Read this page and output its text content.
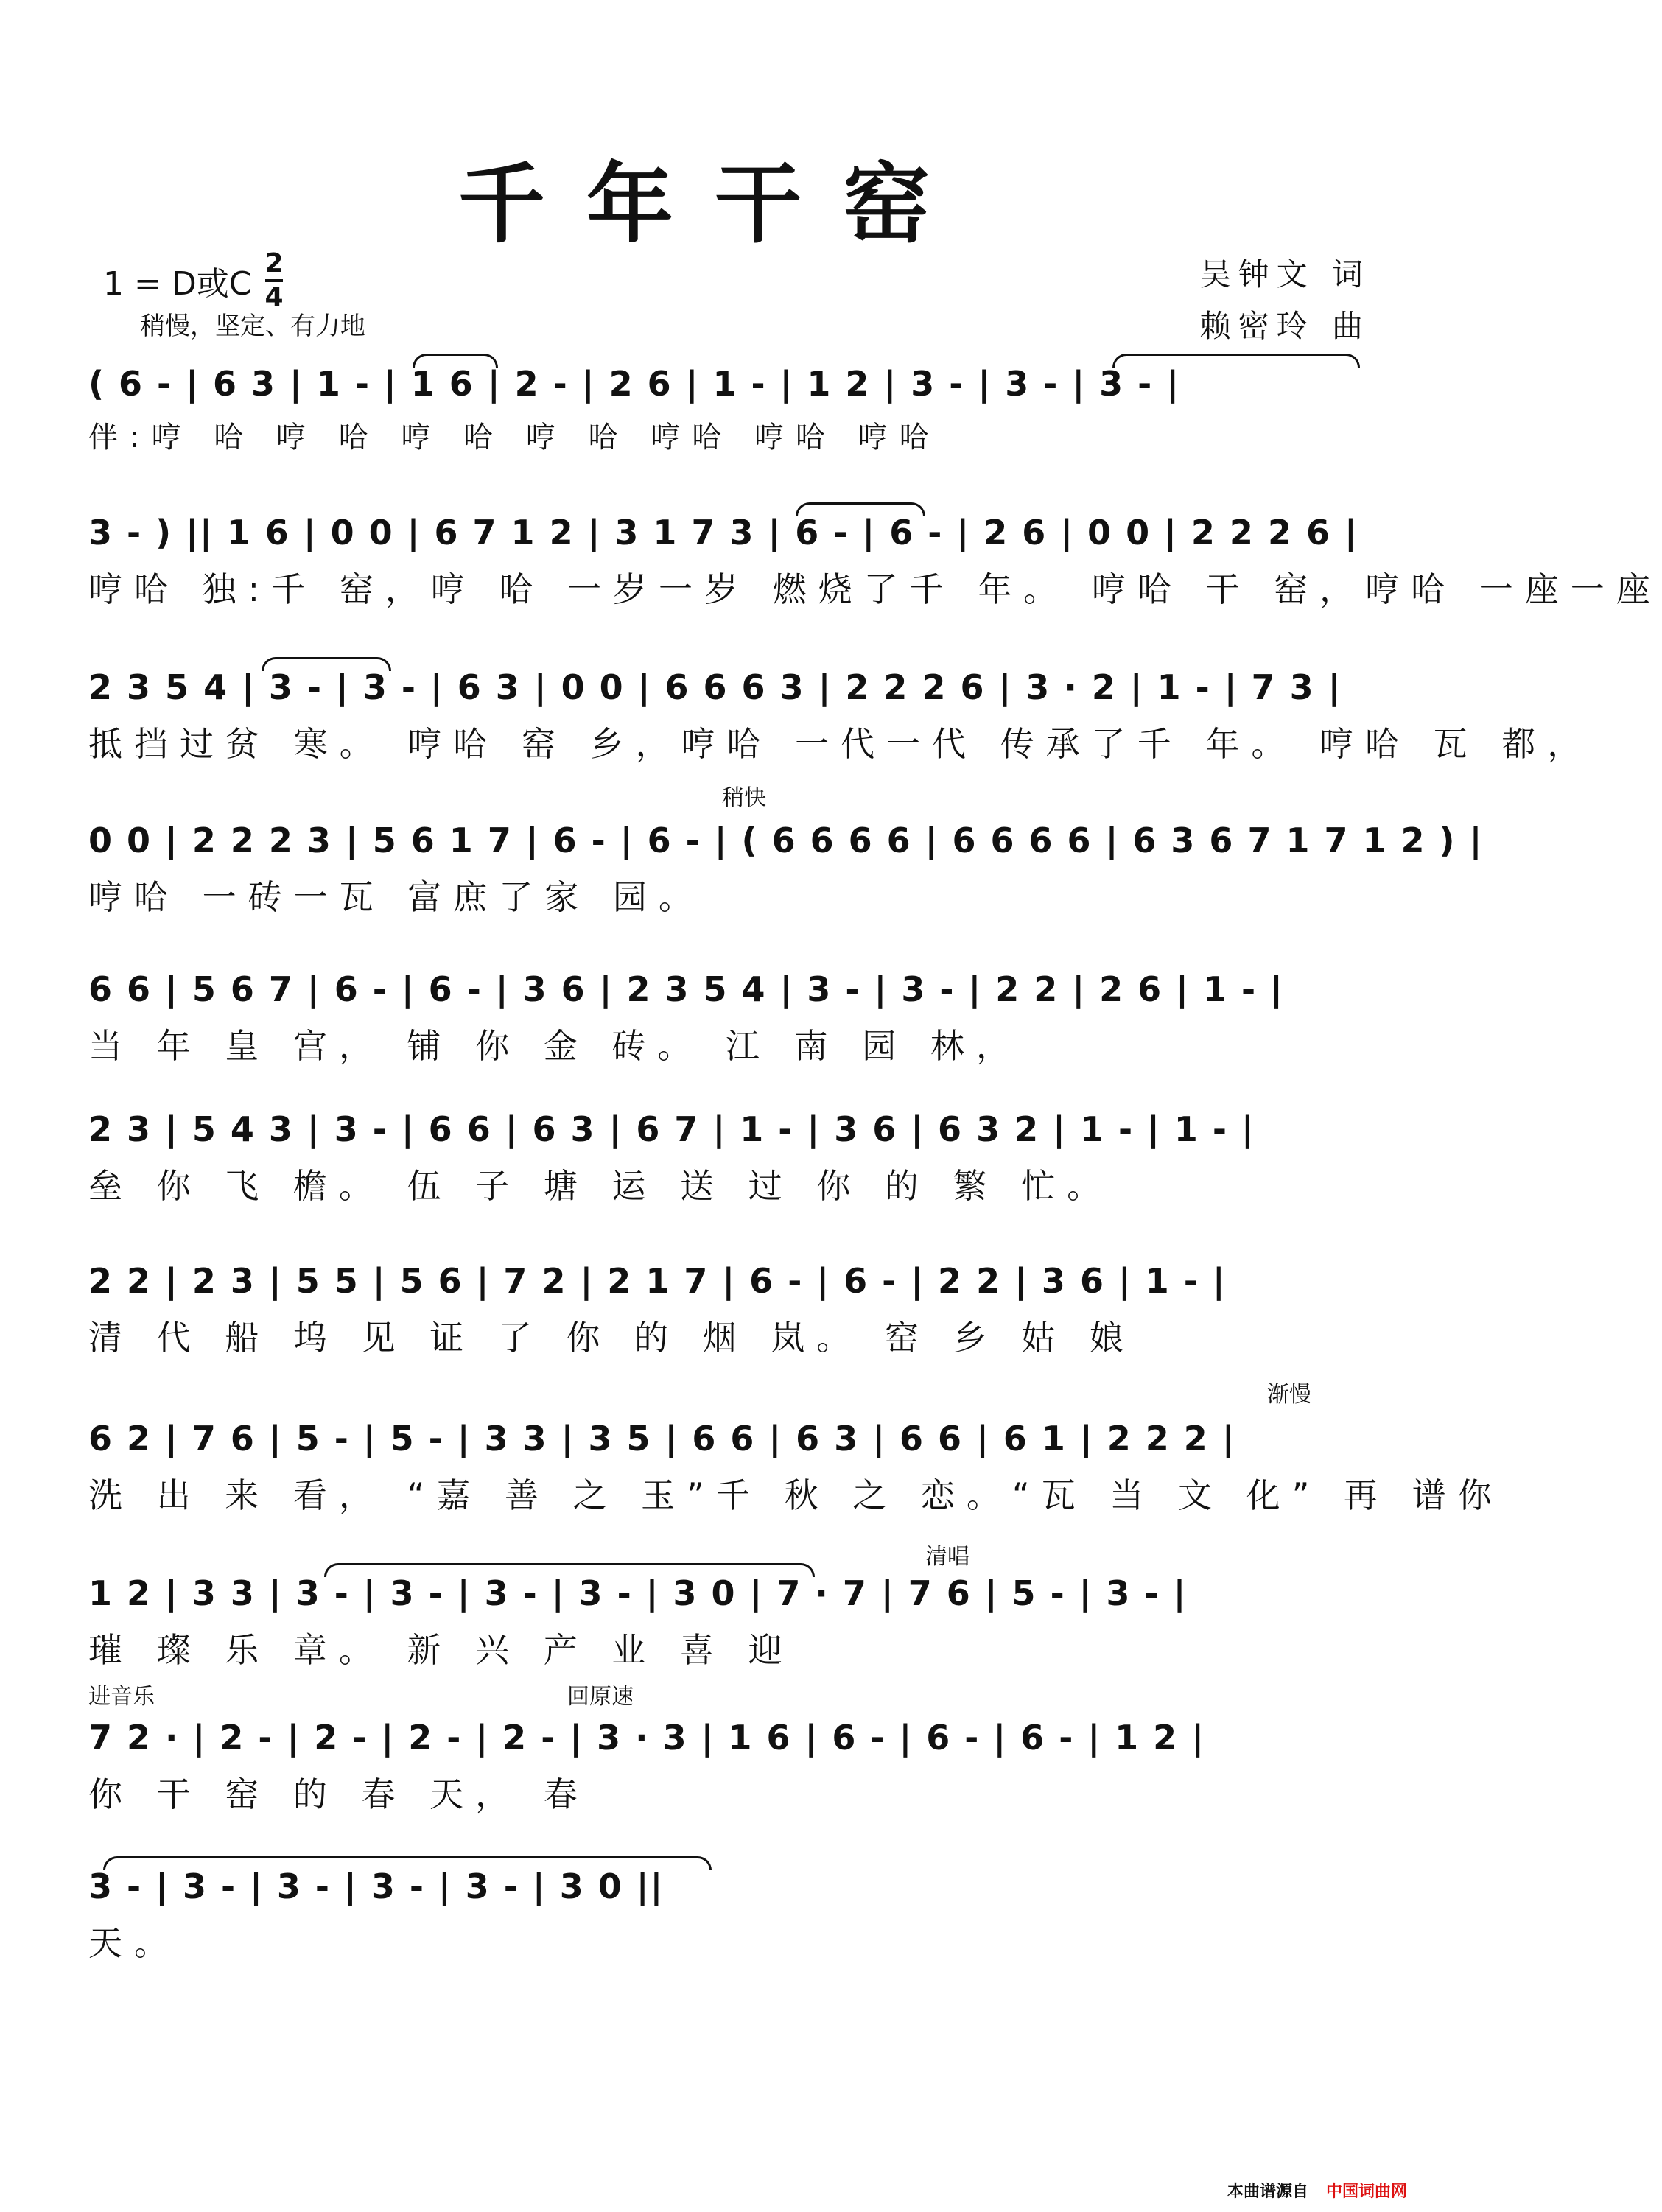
千年干窑
1 = D或C $\frac{2}{4}$
稍慢，坚定、有力地
吴钟文 词
赖密玲 曲
稍快
渐慢
清唱
进音乐	回原速
( 6 - | 6 3 | 1 - | 1 6 | 2 - | 2 6 | 1 - | 1 2 | 3 - | 3 - | 3 - |
伴:哼 哈 哼 哈 哼 哈 哼 哈 哼哈 哼哈 哼哈
3 - ) || 1 6 | 0 0 | 6 7 1 2 | 3 1 7 3 | 6 - | 6 - | 2 6 | 0 0 | 2 2 2 6 |
哼哈 独:千 窑，哼 哈 一岁一岁 燃烧了千 年。 哼哈 干 窑，哼哈 一座一座
2 3 5 4 | 3 - | 3 - | 6 3 | 0 0 | 6 6 6 3 | 2 2 2 6 | 3 · 2 | 1 - | 7 3 |
抵挡过贫 寒。 哼哈 窑 乡，哼哈 一代一代 传承了千 年。 哼哈 瓦 都，
0 0 | 2 2 2 3 | 5 6 1 7 | 6 - | 6 - | ( 6 6 6 6 | 6 6 6 6 | 6 3 6 7 1 7 1 2 ) |
哼哈 一砖一瓦 富庶了家 园。
6 6 | 5 6 7 | 6 - | 6 - | 3 6 | 2 3 5 4 | 3 - | 3 - | 2 2 | 2 6 | 1 - |
当 年 皇 宫， 铺 你 金 砖。 江 南 园 林，
2 3 | 5 4 3 | 3 - | 6 6 | 6 3 | 6 7 | 1 - | 3 6 | 6 3 2 | 1 - | 1 - |
垒 你 飞 檐。 伍 子 塘 运 送 过 你 的 繁 忙。
2 2 | 2 3 | 5 5 | 5 6 | 7 2 | 2 1 7 | 6 - | 6 - | 2 2 | 3 6 | 1 - |
清 代 船 坞 见 证 了 你 的 烟 岚。 窑 乡 姑 娘
6 2 | 7 6 | 5 - | 5 - | 3 3 | 3 5 | 6 6 | 6 3 | 6 6 | 6 1 | 2 2 2 |
洗 出 来 看， “嘉 善 之 玉”千 秋 之 恋。“瓦 当 文 化” 再 谱你
1 2 | 3 3 | 3 - | 3 - | 3 - | 3 - | 3 0 | 7 · 7 | 7 6 | 5 - | 3 - |
璀 璨 乐 章。 新 兴 产 业 喜 迎
7 2 · | 2 - | 2 - | 2 - | 2 - | 3 · 3 | 1 6 | 6 - | 6 - | 6 - | 1 2 |
你 干 窑 的 春 天， 春
3 - | 3 - | 3 - | 3 - | 3 - | 3 0 ||
天。
本曲谱源自 中国词曲网
